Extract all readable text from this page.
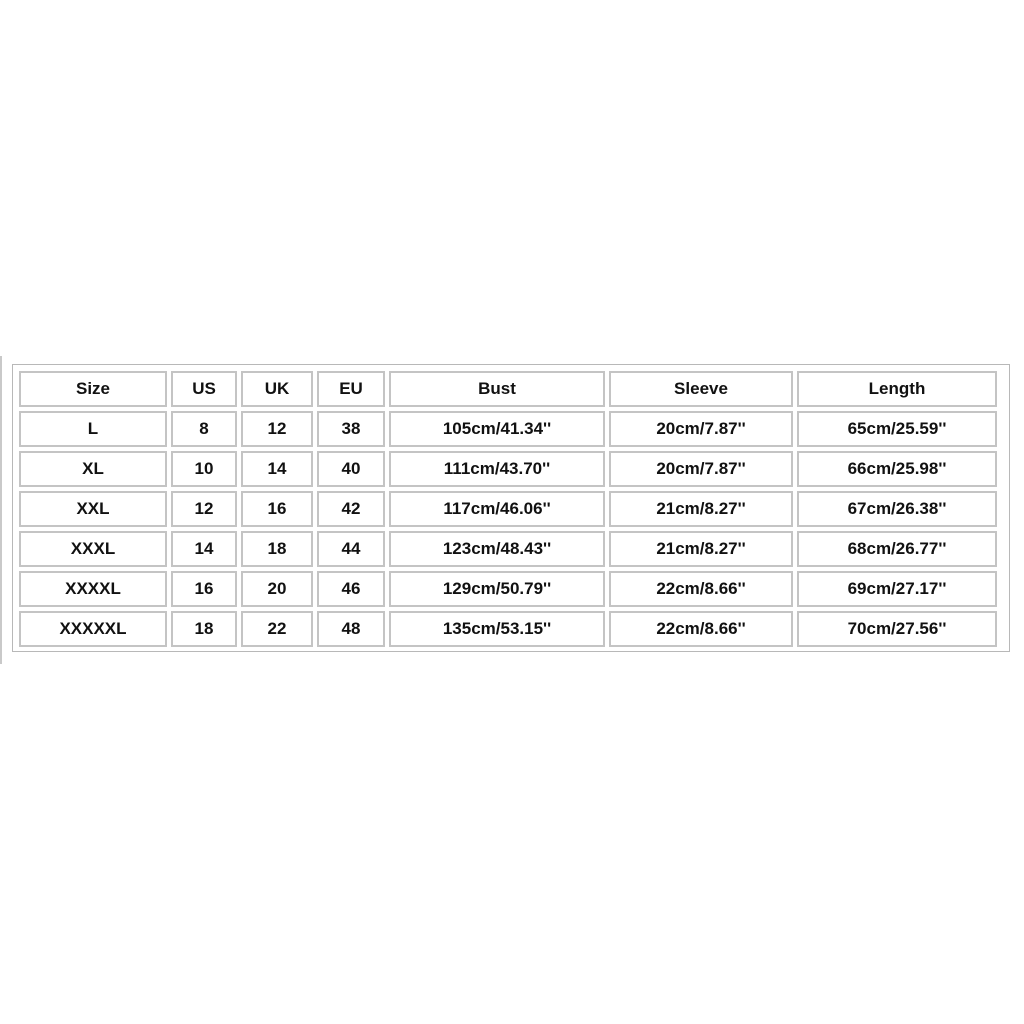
Size	US	UK	EU	Bust	Sleeve	Length
L	8	12	38	105cm/41.34''	20cm/7.87''	65cm/25.59''
XL	10	14	40	111cm/43.70''	20cm/7.87''	66cm/25.98''
XXL	12	16	42	117cm/46.06''	21cm/8.27''	67cm/26.38''
XXXL	14	18	44	123cm/48.43''	21cm/8.27''	68cm/26.77''
XXXXL	16	20	46	129cm/50.79''	22cm/8.66''	69cm/27.17''
XXXXXL	18	22	48	135cm/53.15''	22cm/8.66''	70cm/27.56''
